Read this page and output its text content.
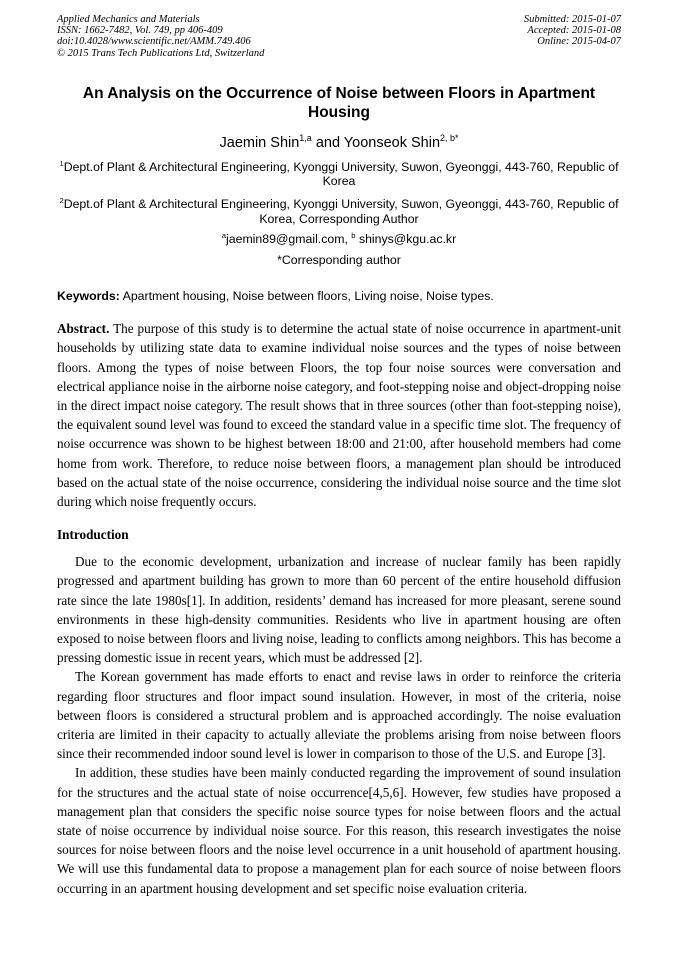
Applied Mechanics and Materials
ISSN: 1662-7482, Vol. 749, pp 406-409
doi:10.4028/www.scientific.net/AMM.749.406
© 2015 Trans Tech Publications Ltd, Switzerland
Submitted: 2015-01-07
Accepted: 2015-01-08
Online: 2015-04-07
An Analysis on the Occurrence of Noise between Floors in Apartment Housing
Jaemin Shin$^{1,a}$ and Yoonseok Shin$^{2, b*}$
$^1$Dept.of Plant & Architectural Engineering, Kyonggi University, Suwon, Gyeonggi, 443-760, Republic of Korea
$^2$Dept.of Plant & Architectural Engineering, Kyonggi University, Suwon, Gyeonggi, 443-760, Republic of Korea, Corresponding Author
$^a$jaemin89@gmail.com, $^b$ shinys@kgu.ac.kr
*Corresponding author
Keywords: Apartment housing, Noise between floors, Living noise, Noise types.

Abstract. The purpose of this study is to determine the actual state of noise occurrence in apartment-unit households by utilizing state data to examine individual noise sources and the types of noise between floors. Among the types of noise between Floors, the top four noise sources were conversation and electrical appliance noise in the airborne noise category, and foot-stepping noise and object-dropping noise in the direct impact noise category. The result shows that in three sources (other than foot-stepping noise), the equivalent sound level was found to exceed the standard value in a specific time slot. The frequency of noise occurrence was shown to be highest between 18:00 and 21:00, after household members had come home from work. Therefore, to reduce noise between floors, a management plan should be introduced based on the actual state of the noise occurrence, considering the individual noise source and the time slot during which noise frequently occurs.

Introduction

Due to the economic development, urbanization and increase of nuclear family has been rapidly progressed and apartment building has grown to more than 60 percent of the entire household diffusion rate since the late 1980s[1]. In addition, residents’ demand has increased for more pleasant, serene sound environments in these high-density communities. Residents who live in apartment housing are often exposed to noise between floors and living noise, leading to conflicts among neighbors. This has become a pressing domestic issue in recent years, which must be addressed [2].

The Korean government has made efforts to enact and revise laws in order to reinforce the criteria regarding floor structures and floor impact sound insulation. However, in most of the criteria, noise between floors is considered a structural problem and is approached accordingly. The noise evaluation criteria are limited in their capacity to actually alleviate the problems arising from noise between floors since their recommended indoor sound level is lower in comparison to those of the U.S. and Europe [3].

In addition, these studies have been mainly conducted regarding the improvement of sound insulation for the structures and the actual state of noise occurrence[4,5,6]. However, few studies have proposed a management plan that considers the specific noise source types for noise between floors and the actual state of noise occurrence by individual noise source. For this reason, this research investigates the noise sources for noise between floors and the noise level occurrence in a unit household of apartment housing. We will use this fundamental data to propose a management plan for each source of noise between floors occurring in an apartment housing development and set specific noise evaluation criteria.
